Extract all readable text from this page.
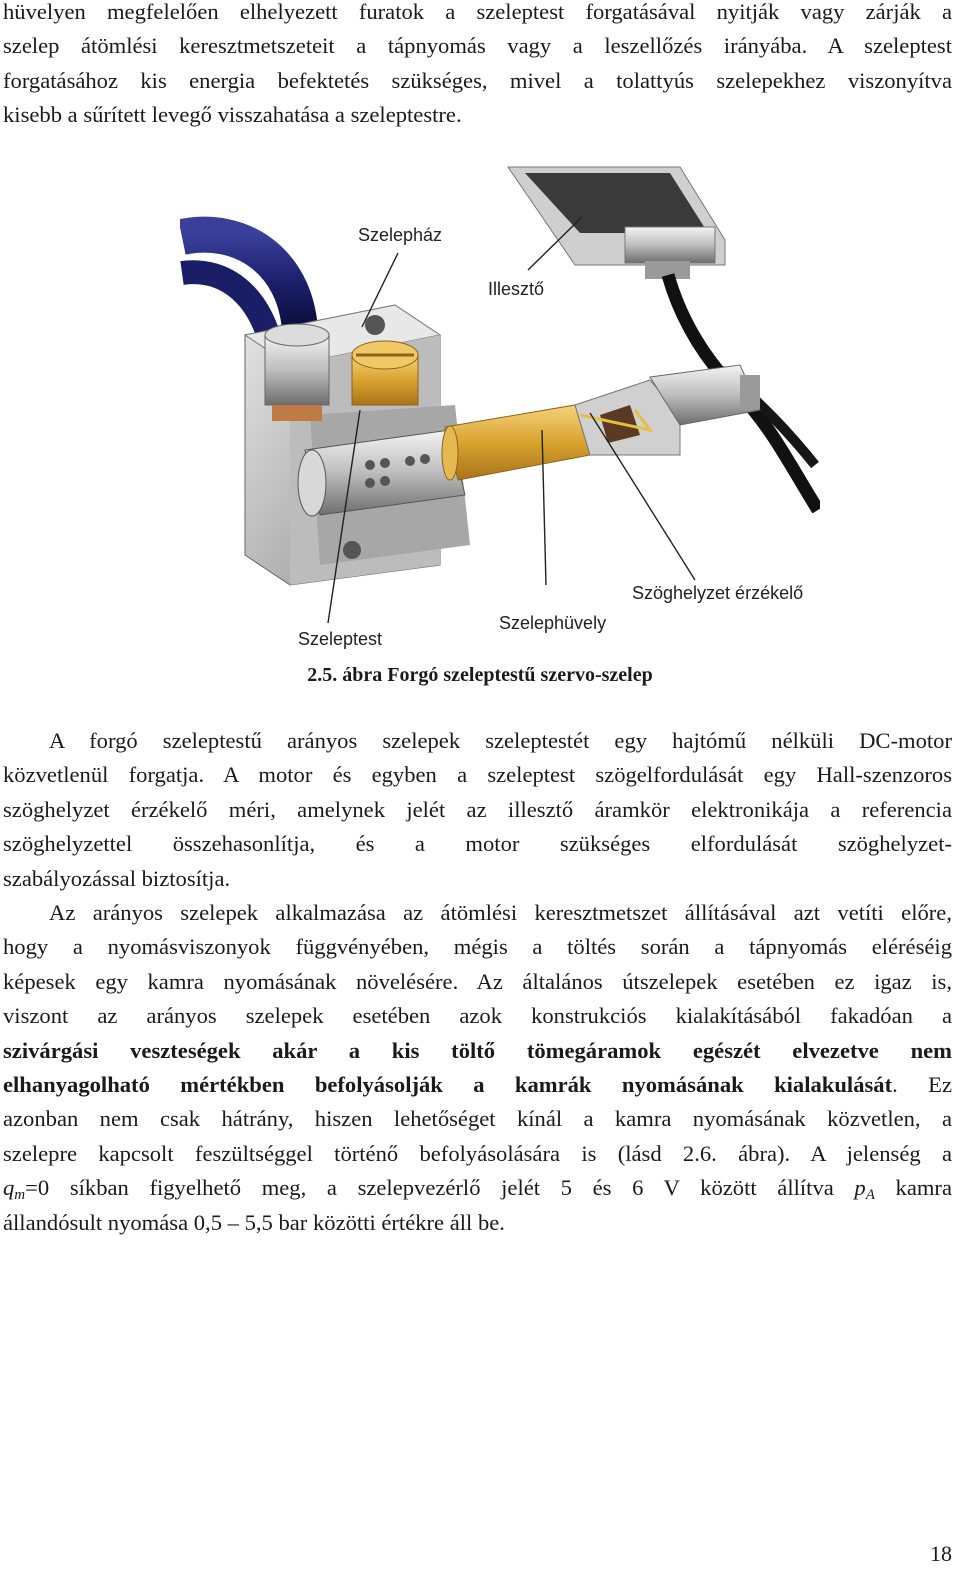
hüvelyen megfelelően elhelyezett furatok a szeleptest forgatásával nyitják vagy zárják a
szelep átömlési keresztmetszeteit a tápnyomás vagy a leszellőzés irányába. A szeleptest
forgatásához kis energia befektetés szükséges, mivel a tolattyús szelepekhez viszonyítva
kisebb a sűrített levegő visszahatása a szeleptestre.
Szelepház
Illesztő
Szeleptest
Szelephüvely
Szöghelyzet érzékelő
2.5. ábra Forgó szeleptestű szervo-szelep
A forgó szeleptestű arányos szelepek szeleptestét egy hajtómű nélküli DC-motor
közvetlenül forgatja. A motor és egyben a szeleptest szögelfordulását egy Hall-szenzoros
szöghelyzet érzékelő méri, amelynek jelét az illesztő áramkör elektronikája a referencia
szöghelyzettel összehasonlítja, és a motor szükséges elfordulását szöghelyzet-
szabályozással biztosítja.
Az arányos szelepek alkalmazása az átömlési keresztmetszet állításával azt vetíti előre,
hogy a nyomásviszonyok függvényében, mégis a töltés során a tápnyomás eléréséig
képesek egy kamra nyomásának növelésére. Az általános útszelepek esetében ez igaz is,
viszont az arányos szelepek esetében azok konstrukciós kialakításából fakadóan a
szivárgási veszteségek akár a kis töltő tömegáramok egészét elvezetve nem
elhanyagolható mértékben befolyásolják a kamrák nyomásának kialakulását. Ez
azonban nem csak hátrány, hiszen lehetőséget kínál a kamra nyomásának közvetlen, a
szelepre kapcsolt feszültséggel történő befolyásolására is (lásd 2.6. ábra). A jelenség a
$q_m=0$ síkban figyelhető meg, a szelepvezérlő jelét 5 és 6 V között állítva $p_A$ kamra
állandósult nyomása 0,5 – 5,5 bar közötti értékre áll be.
18
